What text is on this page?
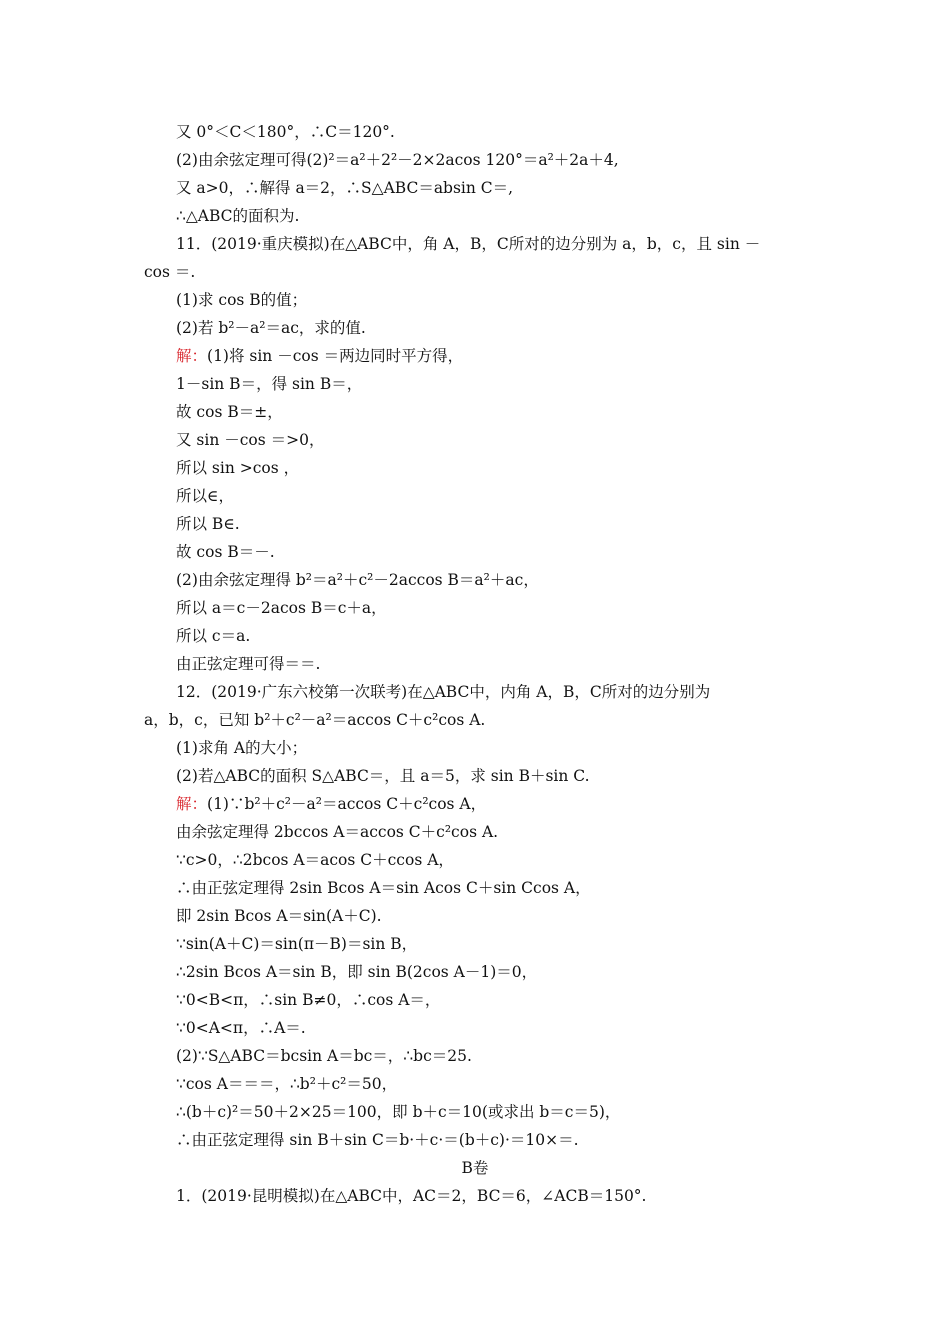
又 0°＜C＜180°，∴C＝120°.
(2)由余弦定理可得(2)²＝a²＋2²－2×2acos 120°＝a²＋2a＋4,
又 a>0，∴解得 a＝2，∴S△ABC＝absin C＝,
∴△ABC的面积为.
11．(2019·重庆模拟)在△ABC中，角 A，B，C所对的边分别为 a，b，c，且 sin －
cos ＝.
(1)求 cos B的值；
(2)若 b²－a²＝ac，求的值.
解：(1)将 sin －cos ＝两边同时平方得，
1－sin B＝，得 sin B＝，
故 cos B＝±，
又 sin －cos ＝>0，
所以 sin >cos ，
所以∈，
所以 B∈.
故 cos B＝－.
(2)由余弦定理得 b²＝a²＋c²－2accos B＝a²＋ac，
所以 a＝c－2acos B＝c＋a，
所以 c＝a.
由正弦定理可得＝＝.
12．(2019·广东六校第一次联考)在△ABC中，内角 A，B，C所对的边分别为
a，b，c，已知 b²＋c²－a²＝accos C＋c²cos A.
(1)求角 A的大小；
(2)若△ABC的面积 S△ABC＝，且 a＝5，求 sin B＋sin C.
解：(1)∵b²＋c²－a²＝accos C＋c²cos A，
由余弦定理得 2bccos A＝accos C＋c²cos A.
∵c>0，∴2bcos A＝acos C＋ccos A，
∴由正弦定理得 2sin Bcos A＝sin Acos C＋sin Ccos A，
即 2sin Bcos A＝sin(A＋C).
∵sin(A＋C)＝sin(π－B)＝sin B，
∴2sin Bcos A＝sin B，即 sin B(2cos A－1)＝0，
∵0<B<π，∴sin B≠0，∴cos A＝，
∵0<A<π，∴A＝.
(2)∵S△ABC＝bcsin A＝bc＝，∴bc＝25.
∵cos A＝＝＝，∴b²＋c²＝50，
∴(b＋c)²＝50＋2×25＝100，即 b＋c＝10(或求出 b＝c＝5)，
∴由正弦定理得 sin B＋sin C＝b·＋c·＝(b＋c)·＝10×＝.
B卷
1．(2019·昆明模拟)在△ABC中，AC＝2，BC＝6，∠ACB＝150°.
